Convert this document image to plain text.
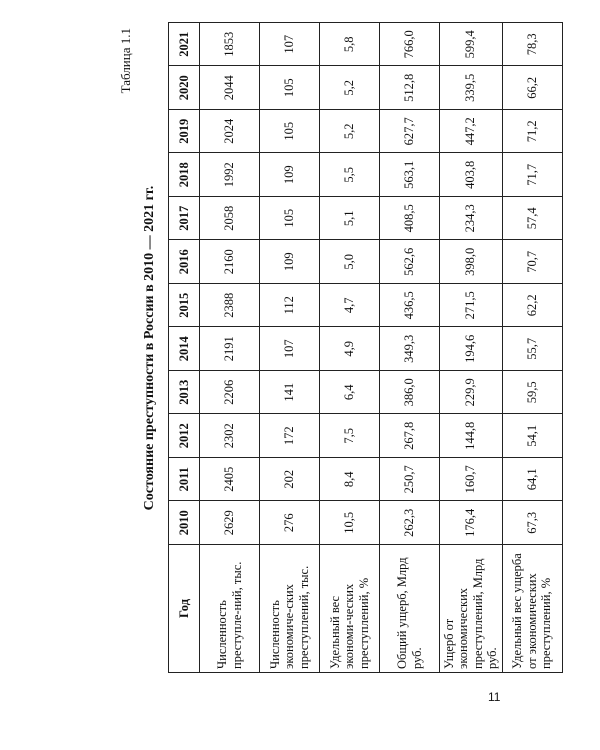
Таблица 1.1
Состояние преступности в России в 2010 — 2021 гг.
Год	2010	2011	2012	2013	2014	2015	2016	2017	2018	2019	2020	2021
Численность преступле-ний, тыс.	2629	2405	2302	2206	2191	2388	2160	2058	1992	2024	2044	1853
Численность экономиче-ских преступлений, тыс.	276	202	172	141	107	112	109	105	109	105	105	107
Удельный вес экономи-ческих преступлений, %	10,5	8,4	7,5	6,4	4,9	4,7	5,0	5,1	5,5	5,2	5,2	5,8
Общий ущерб, Млрд руб.	262,3	250,7	267,8	386,0	349,3	436,5	562,6	408,5	563,1	627,7	512,8	766,0
Ущерб от экономических преступлений, Млрд руб.	176,4	160,7	144,8	229,9	194,6	271,5	398,0	234,3	403,8	447,2	339,5	599,4
Удельный вес ущерба от экономических преступлений, %	67,3	64,1	54,1	59,5	55,7	62,2	70,7	57,4	71,7	71,2	66,2	78,3
11
